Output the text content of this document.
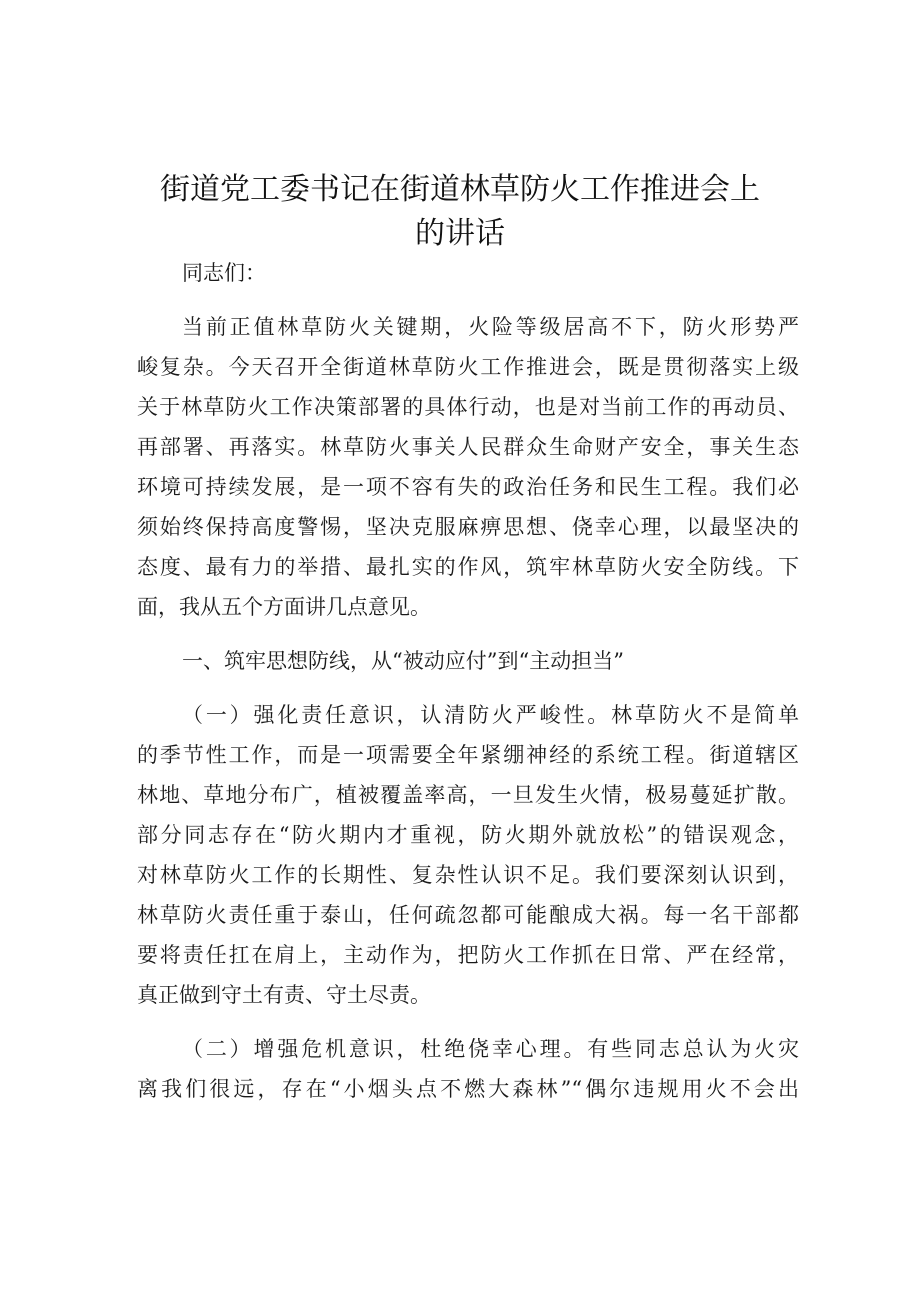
街道党工委书记在街道林草防火工作推进会上
的讲话

同志们：

当前正值林草防火关键期，火险等级居高不下，防火形势严

峻复杂。今天召开全街道林草防火工作推进会，既是贯彻落实上级

关于林草防火工作决策部署的具体行动，也是对当前工作的再动员、

再部署、再落实。林草防火事关人民群众生命财产安全，事关生态

环境可持续发展，是一项不容有失的政治任务和民生工程。我们必

须始终保持高度警惕，坚决克服麻痹思想、侥幸心理，以最坚决的

态度、最有力的举措、最扎实的作风，筑牢林草防火安全防线。下

面，我从五个方面讲几点意见。

一、筑牢思想防线，从“被动应付”到“主动担当”

（一）强化责任意识，认清防火严峻性。林草防火不是简单

的季节性工作，而是一项需要全年紧绷神经的系统工程。街道辖区

林地、草地分布广，植被覆盖率高，一旦发生火情，极易蔓延扩散。

部分同志存在“防火期内才重视，防火期外就放松”的错误观念，

对林草防火工作的长期性、复杂性认识不足。我们要深刻认识到，

林草防火责任重于泰山，任何疏忽都可能酿成大祸。每一名干部都

要将责任扛在肩上，主动作为，把防火工作抓在日常、严在经常，

真正做到守土有责、守土尽责。

（二）增强危机意识，杜绝侥幸心理。有些同志总认为火灾

离我们很远，存在“小烟头点不燃大森林”“偶尔违规用火不会出
